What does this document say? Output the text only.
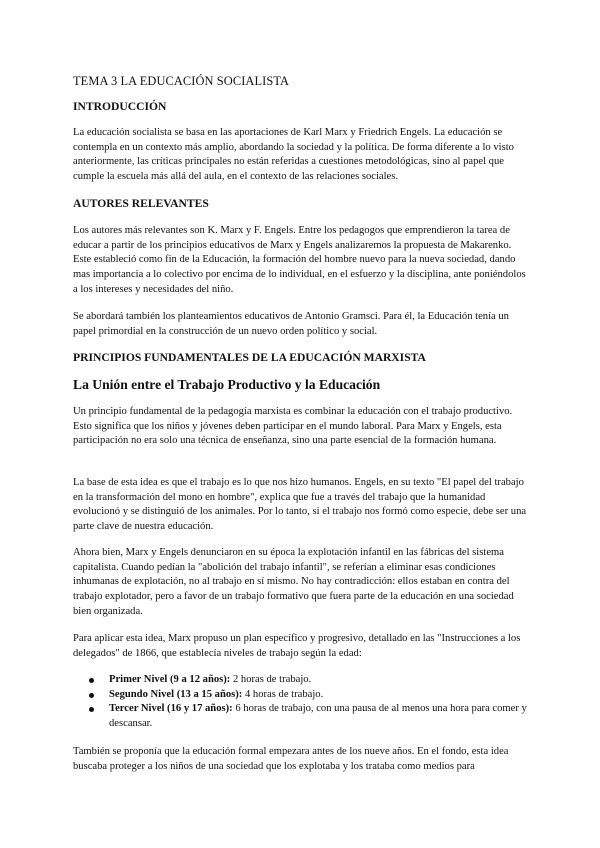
TEMA 3 LA EDUCACIÓN SOCIALISTA
INTRODUCCIÓN

La educación socialista se basa en las aportaciones de Karl Marx y Friedrich Engels. La educación se contempla en un contexto más amplio, abordando la sociedad y la política. De forma diferente a lo visto anteriormente, las críticas principales no están referidas a cuestiones metodológicas, sino al papel que cumple la escuela más allá del aula, en el contexto de las relaciones sociales.

AUTORES RELEVANTES

Los autores más relevantes son K. Marx y F. Engels. Entre los pedagogos que emprendieron la tarea de educar a partir de los principios educativos de Marx y Engels analizaremos la propuesta de Makarenko. Este estableció como fin de la Educación, la formación del hombre nuevo para la nueva sociedad, dando mas importancia a lo colectivo por encima de lo individual, en el esfuerzo y la disciplina, ante poniéndolos a los intereses y necesidades del niño.

Se abordará también los planteamientos educativos de Antonio Gramsci. Para él, la Educación tenía un papel primordial en la construcción de un nuevo orden político y social.

PRINCIPIOS FUNDAMENTALES DE LA EDUCACIÓN MARXISTA
La Unión entre el Trabajo Productivo y la Educación

Un principio fundamental de la pedagogía marxista es combinar la educación con el trabajo productivo. Esto significa que los niños y jóvenes deben participar en el mundo laboral. Para Marx y Engels, esta participación no era solo una técnica de enseñanza, sino una parte esencial de la formación humana.

La base de esta idea es que el trabajo es lo que nos hizo humanos. Engels, en su texto "El papel del trabajo en la transformación del mono en hombre", explica que fue a través del trabajo que la humanidad evolucionó y se distinguió de los animales. Por lo tanto, si el trabajo nos formó como especie, debe ser una parte clave de nuestra educación.

Ahora bien, Marx y Engels denunciaron en su época la explotación infantil en las fábricas del sistema capitalista. Cuando pedían la "abolición del trabajo infantil", se referían a eliminar esas condiciones inhumanas de explotación, no al trabajo en sí mismo. No hay contradicción: ellos estaban en contra del trabajo explotador, pero a favor de un trabajo formativo que fuera parte de la educación en una sociedad bien organizada.

Para aplicar esta idea, Marx propuso un plan específico y progresivo, detallado en las "Instrucciones a los delegados" de 1866, que establecía niveles de trabajo según la edad:

Primer Nivel (9 a 12 años): 2 horas de trabajo.
Segundo Nivel (13 a 15 años): 4 horas de trabajo.
Tercer Nivel (16 y 17 años): 6 horas de trabajo, con una pausa de al menos una hora para comer y descansar.

También se proponía que la educación formal empezara antes de los nueve años. En el fondo, esta idea buscaba proteger a los niños de una sociedad que los explotaba y los trataba como medios para
